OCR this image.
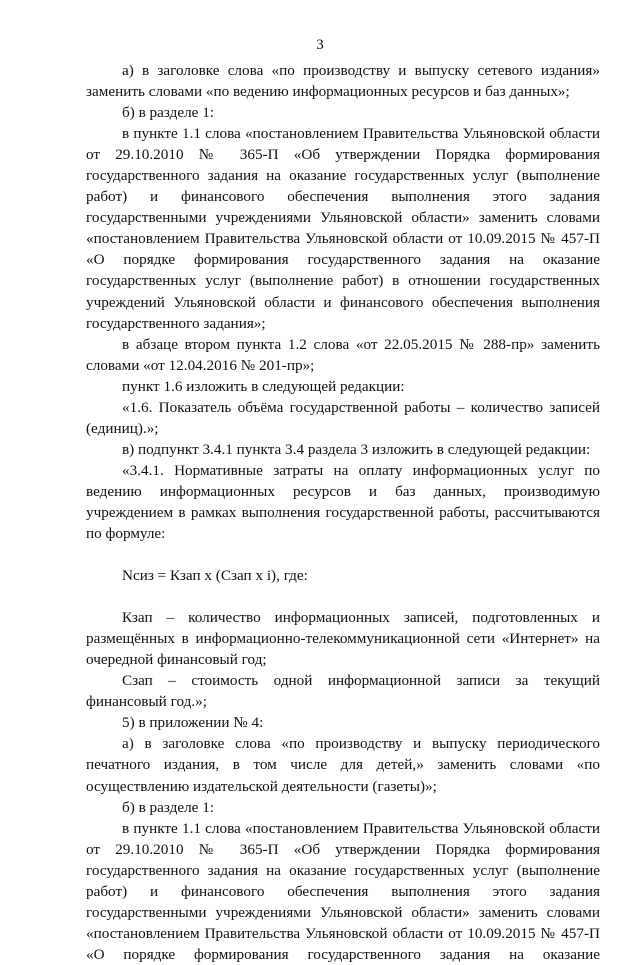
3

а) в заголовке слова «по производству и выпуску сетевого издания» заменить словами «по ведению информационных ресурсов и баз данных»;

б) в разделе 1:

в пункте 1.1 слова «постановлением Правительства Ульяновской области от 29.10.2010 № 365-П «Об утверждении Порядка формирования государственного задания на оказание государственных услуг (выполнение работ) и финансового обеспечения выполнения этого задания государственными учреждениями Ульяновской области» заменить словами «постановлением Правительства Ульяновской области от 10.09.2015 № 457-П «О порядке формирования государственного задания на оказание государственных услуг (выполнение работ) в отношении государственных учреждений Ульяновской области и финансового обеспечения выполнения государственного задания»;

в абзаце втором пункта 1.2 слова «от 22.05.2015 № 288-пр» заменить словами «от 12.04.2016 № 201-пр»;

пункт 1.6 изложить в следующей редакции:

«1.6. Показатель объёма государственной работы – количество записей (единиц).»;

в) подпункт 3.4.1 пункта 3.4 раздела 3 изложить в следующей редакции:

«3.4.1. Нормативные затраты на оплату информационных услуг по ведению информационных ресурсов и баз данных, производимую учреждением в рамках выполнения государственной работы, рассчитываются по формуле:

Nсиз = Кзап х (Сзап х i), где:

Кзап – количество информационных записей, подготовленных и размещённых в информационно-телекоммуникационной сети «Интернет» на очередной финансовый год;

Сзап – стоимость одной информационной записи за текущий финансовый год.»;

5) в приложении № 4:

а) в заголовке слова «по производству и выпуску периодического печатного издания, в том числе для детей,» заменить словами «по осуществлению издательской деятельности (газеты)»;

б) в разделе 1:

в пункте 1.1 слова «постановлением Правительства Ульяновской области от 29.10.2010 № 365-П «Об утверждении Порядка формирования государственного задания на оказание государственных услуг (выполнение работ) и финансового обеспечения выполнения этого задания государственными учреждениями Ульяновской области» заменить словами «постановлением Правительства Ульяновской области от 10.09.2015 № 457-П «О порядке формирования государственного задания на оказание
